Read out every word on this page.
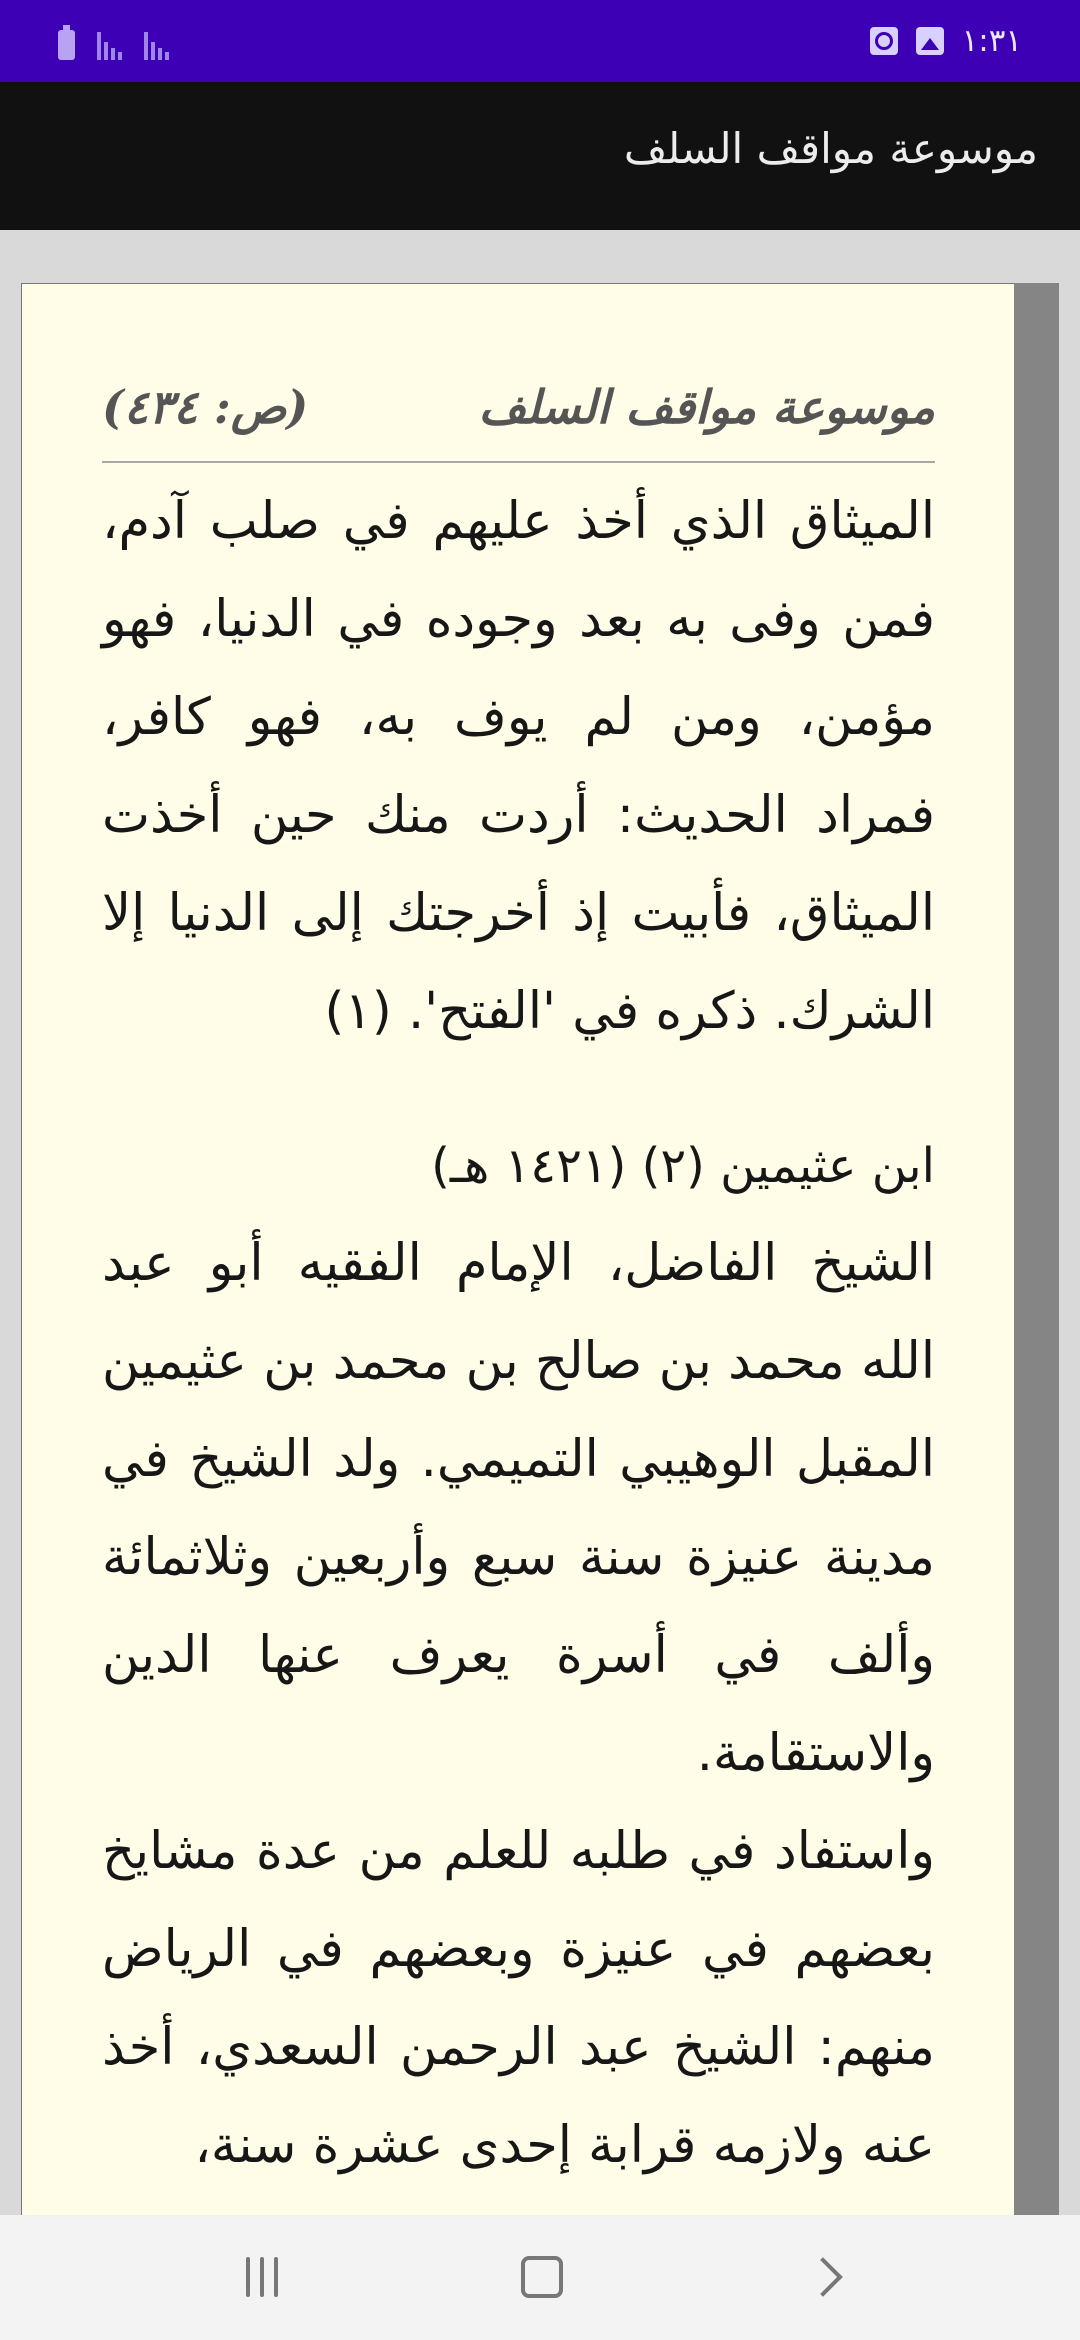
١:٣١
موسوعة مواقف السلف
موسوعة مواقف السلف
(ص: ٤٣٤)

الميثاق الذي أخذ عليهم في صلب آدم، فمن وفى به بعد وجوده في الدنيا، فهو مؤمن، ومن لم يوف به، فهو كافر، فمراد الحديث: أردت منك حين أخذت الميثاق، فأبيت إذ أخرجتك إلى الدنيا إلا الشرك. ذكره في 'الفتح'. (١)

ابن عثيمين (٢) (١٤٢١ هـ)

الشيخ الفاضل، الإمام الفقيه أبو عبد الله محمد بن صالح بن محمد بن عثيمين المقبل الوهيبي التميمي. ولد الشيخ في مدينة عنيزة سنة سبع وأربعين وثلاثمائة وألف في أسرة يعرف عنها الدين والاستقامة.

واستفاد في طلبه للعلم من عدة مشايخ بعضهم في عنيزة وبعضهم في الرياض منهم: الشيخ عبد الرحمن السعدي، أخذ عنه ولازمه قرابة إحدى عشرة سنة،
